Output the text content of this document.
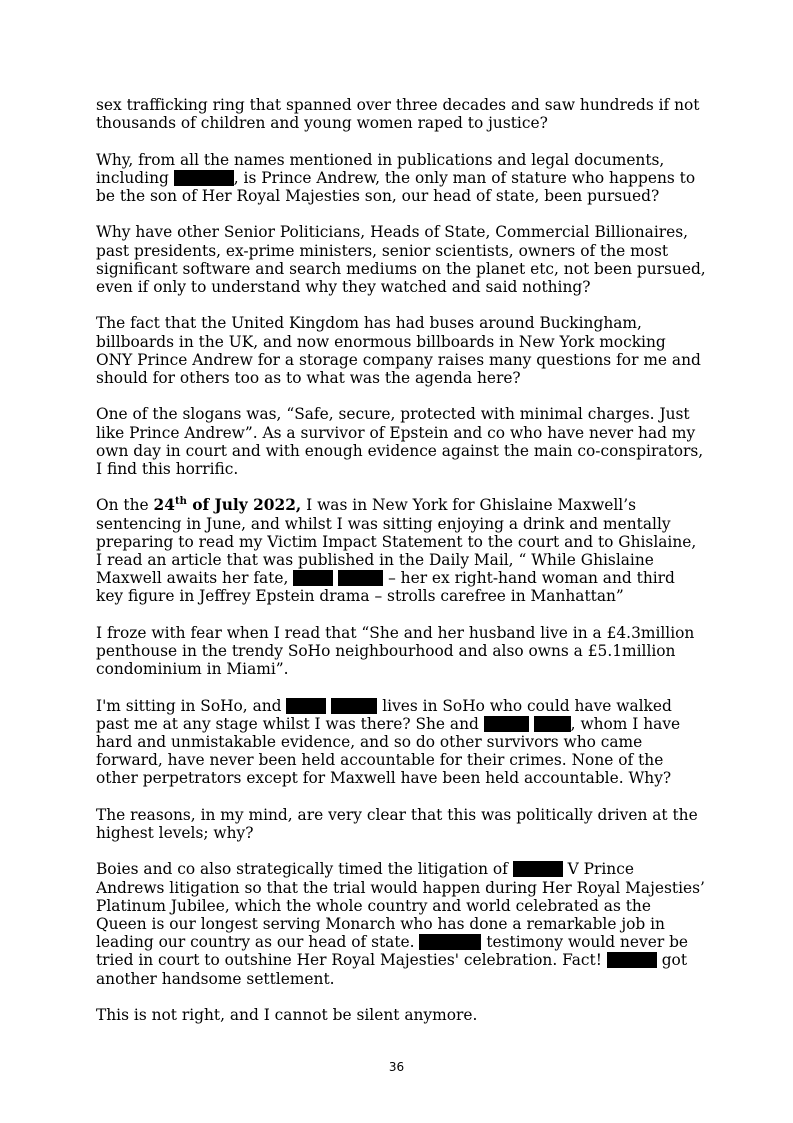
sex trafficking ring that spanned over three decades and saw hundreds if not thousands of children and young women raped to justice?

Why, from all the names mentioned in publications and legal documents, including	, is Prince Andrew, the only man of stature who happens to be the son of Her Royal Majesties son, our head of state, been pursued?

Why have other Senior Politicians, Heads of State, Commercial Billionaires, past presidents, ex-prime ministers, senior scientists, owners of the most significant software and search mediums on the planet etc, not been pursued, even if only to understand why they watched and said nothing?

The fact that the United Kingdom has had buses around Buckingham, billboards in the UK, and now enormous billboards in New York mocking ONY Prince Andrew for a storage company raises many questions for me and should for others too as to what was the agenda here?

One of the slogans was, “Safe, secure, protected with minimal charges. Just like Prince Andrew”. As a survivor of Epstein and co who have never had my own day in court and with enough evidence against the main co-conspirators, I find this horrific.

On the 24th of July 2022, I was in New York for Ghislaine Maxwell’s sentencing in June, and whilst I was sitting enjoying a drink and mentally preparing to read my Victim Impact Statement to the court and to Ghislaine, I read an article that was published in the Daily Mail, “ While Ghislaine Maxwell awaits her fate,	– her ex right-hand woman and third key figure in Jeffrey Epstein drama – strolls carefree in Manhattan”

I froze with fear when I read that “She and her husband live in a £4.3million penthouse in the trendy SoHo neighbourhood and also owns a £5.1million condominium in Miami”.

I'm sitting in SoHo, and	lives in SoHo who could have walked past me at any stage whilst I was there? She and	, whom I have hard and unmistakable evidence, and so do other survivors who came forward, have never been held accountable for their crimes. None of the other perpetrators except for Maxwell have been held accountable. Why?

The reasons, in my mind, are very clear that this was politically driven at the highest levels; why?

Boies and co also strategically timed the litigation of	V Prince Andrews litigation so that the trial would happen during Her Royal Majesties’ Platinum Jubilee, which the whole country and world celebrated as the Queen is our longest serving Monarch who has done a remarkable job in leading our country as our head of state.	testimony would never be tried in court to outshine Her Royal Majesties' celebration. Fact!	got another handsome settlement.

This is not right, and I cannot be silent anymore.

36
